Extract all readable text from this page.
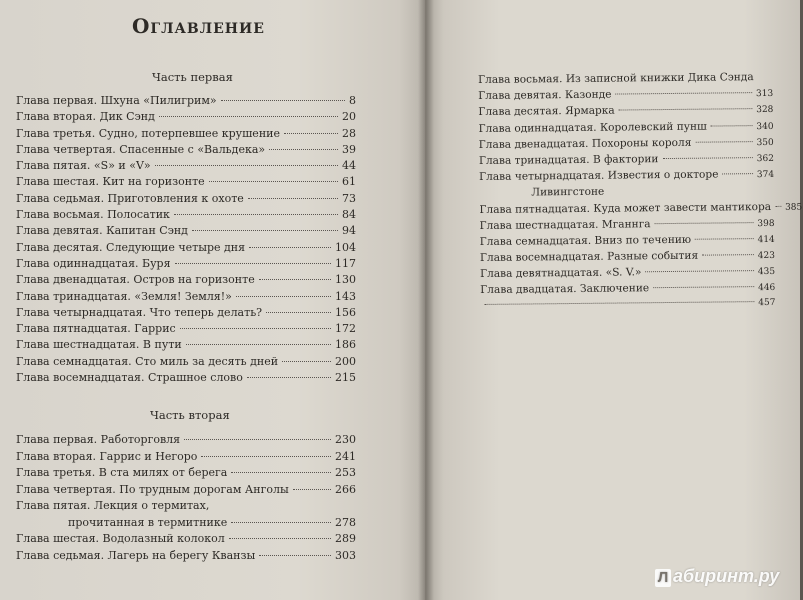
Оглавление
Часть первая
Глава первая. Шхуна «Пилигрим»	8
Глава вторая. Дик Сэнд	20
Глава третья. Судно, потерпевшее крушение	28
Глава четвертая. Спасенные с «Вальдека»	39
Глава пятая. «S» и «V»	44
Глава шестая. Кит на горизонте	61
Глава седьмая. Приготовления к охоте	73
Глава восьмая. Полосатик	84
Глава девятая. Капитан Сэнд	94
Глава десятая. Следующие четыре дня	104
Глава одиннадцатая. Буря	117
Глава двенадцатая. Остров на горизонте	130
Глава тринадцатая. «Земля! Земля!»	143
Глава четырнадцатая. Что теперь делать?	156
Глава пятнадцатая. Гаррис	172
Глава шестнадцатая. В пути	186
Глава семнадцатая. Сто миль за десять дней	200
Глава восемнадцатая. Страшное слово	215
Часть вторая
Глава первая. Работорговля	230
Глава вторая. Гаррис и Негоро	241
Глава третья. В ста милях от берега	253
Глава четвертая. По трудным дорогам Анголы	266
Глава пятая. Лекция о термитах,
прочитанная в термитнике	278
Глава шестая. Водолазный колокол	289
Глава седьмая. Лагерь на берегу Кванзы	303
Глава восьмая. Из записной книжки Дика Сэнда
Глава девятая. Казонде	313
Глава десятая. Ярмарка	328
Глава одиннадцатая. Королевский пунш	340
Глава двенадцатая. Похороны короля	350
Глава тринадцатая. В фактории	362
Глава четырнадцатая. Известия о докторе	374
Ливингстоне
Глава пятнадцатая. Куда может завести мантикора 385
Глава шестнадцатая. Мганнга	398
Глава семнадцатая. Вниз по течению	414
Глава восемнадцатая. Разные события	423
Глава девятнадцатая. «S. V.»	435
Глава двадцатая. Заключение	446
457
Л абиринт.ру
